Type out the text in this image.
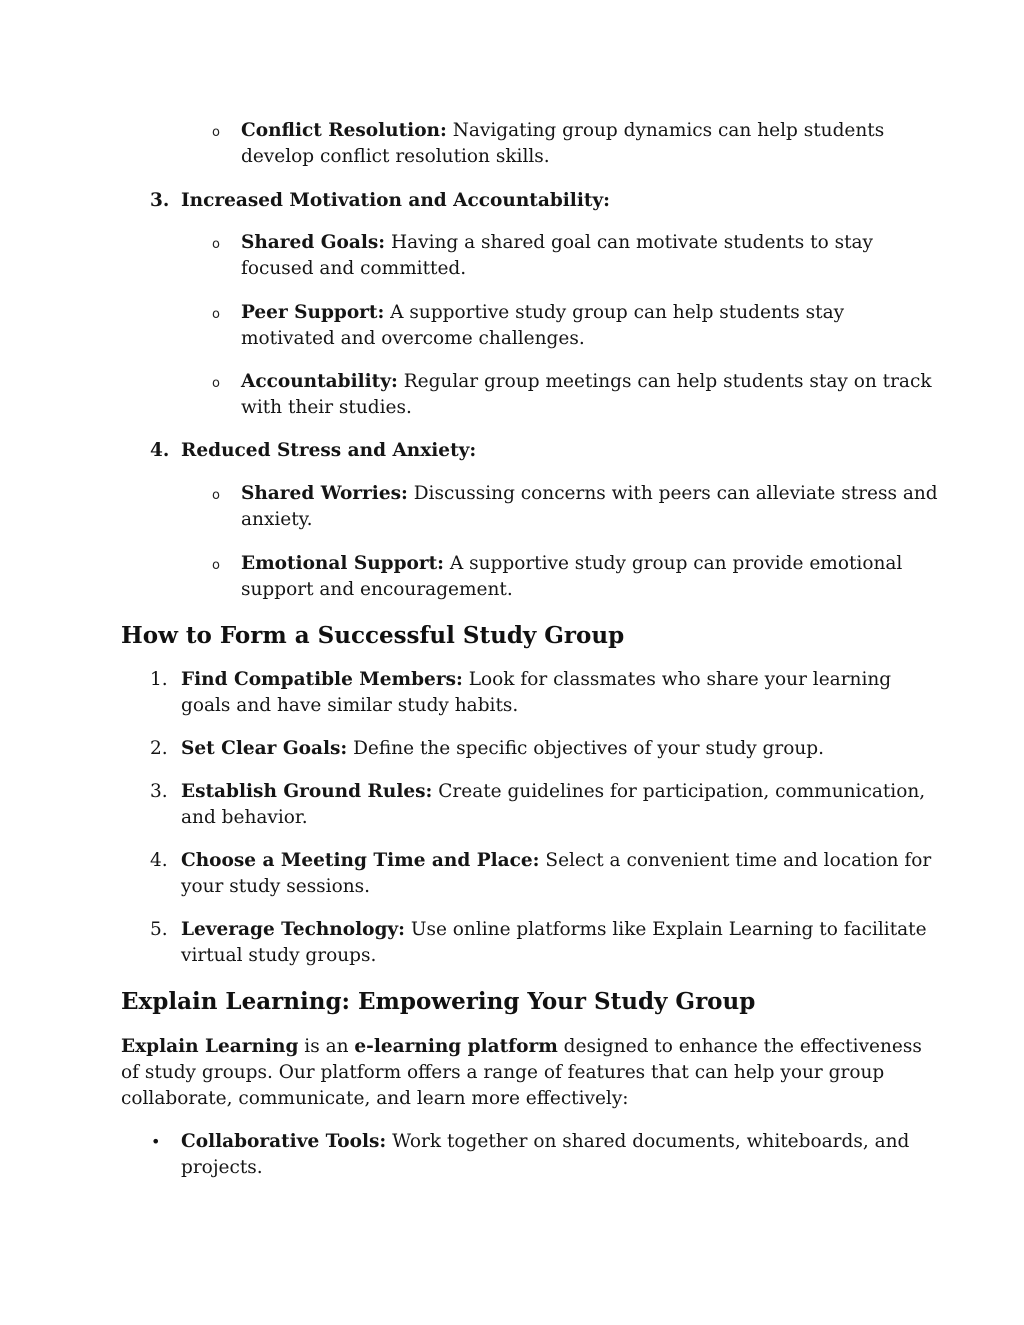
o Conflict Resolution: Navigating group dynamics can help students
develop conflict resolution skills.
3. Increased Motivation and Accountability:
o Shared Goals: Having a shared goal can motivate students to stay
focused and committed.
o Peer Support: A supportive study group can help students stay
motivated and overcome challenges.
o Accountability: Regular group meetings can help students stay on track
with their studies.
4. Reduced Stress and Anxiety:
o Shared Worries: Discussing concerns with peers can alleviate stress and
anxiety.
o Emotional Support: A supportive study group can provide emotional
support and encouragement.
How to Form a Successful Study Group
1. Find Compatible Members: Look for classmates who share your learning
goals and have similar study habits.
2. Set Clear Goals: Define the specific objectives of your study group.
3. Establish Ground Rules: Create guidelines for participation, communication,
and behavior.
4. Choose a Meeting Time and Place: Select a convenient time and location for
your study sessions.
5. Leverage Technology: Use online platforms like Explain Learning to facilitate
virtual study groups.
Explain Learning: Empowering Your Study Group
Explain Learning is an e-learning platform designed to enhance the effectiveness
of study groups. Our platform offers a range of features that can help your group
collaborate, communicate, and learn more effectively:
• Collaborative Tools: Work together on shared documents, whiteboards, and
projects.
